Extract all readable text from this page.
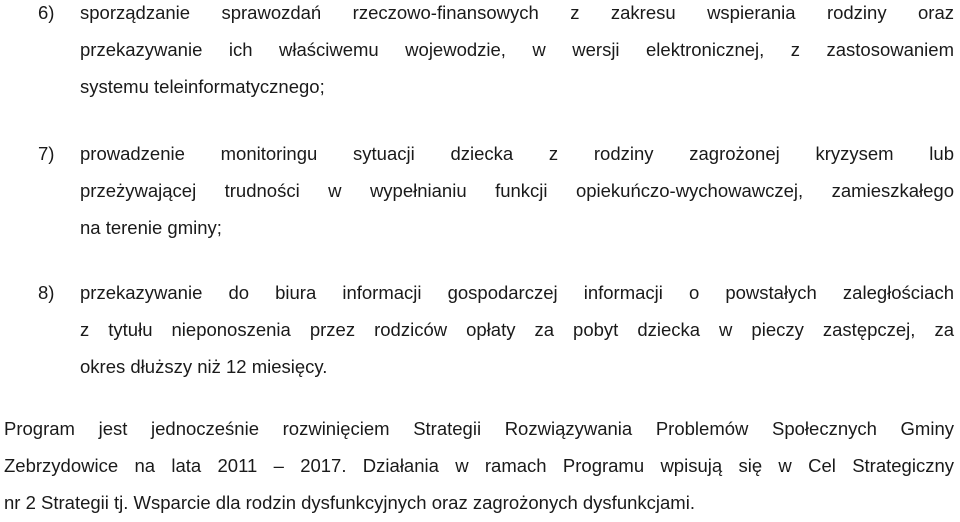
6) sporządzanie sprawozdań rzeczowo-finansowych z zakresu wspierania rodziny oraz
przekazywanie ich właściwemu wojewodzie, w wersji elektronicznej, z zastosowaniem
systemu teleinformatycznego;
7) prowadzenie monitoringu sytuacji dziecka z rodziny zagrożonej kryzysem lub
przeżywającej trudności w wypełnianiu funkcji opiekuńczo-wychowawczej, zamieszkałego
na terenie gminy;
8) przekazywanie do biura informacji gospodarczej informacji o powstałych zaległościach
z tytułu nieponoszenia przez rodziców opłaty za pobyt dziecka w pieczy zastępczej, za
okres dłuższy niż 12 miesięcy.
Program jest jednocześnie rozwinięciem Strategii Rozwiązywania Problemów Społecznych Gminy
Zebrzydowice na lata 2011 – 2017. Działania w ramach Programu wpisują się w Cel Strategiczny
nr 2 Strategii tj. Wsparcie dla rodzin dysfunkcyjnych oraz zagrożonych dysfunkcjami.
